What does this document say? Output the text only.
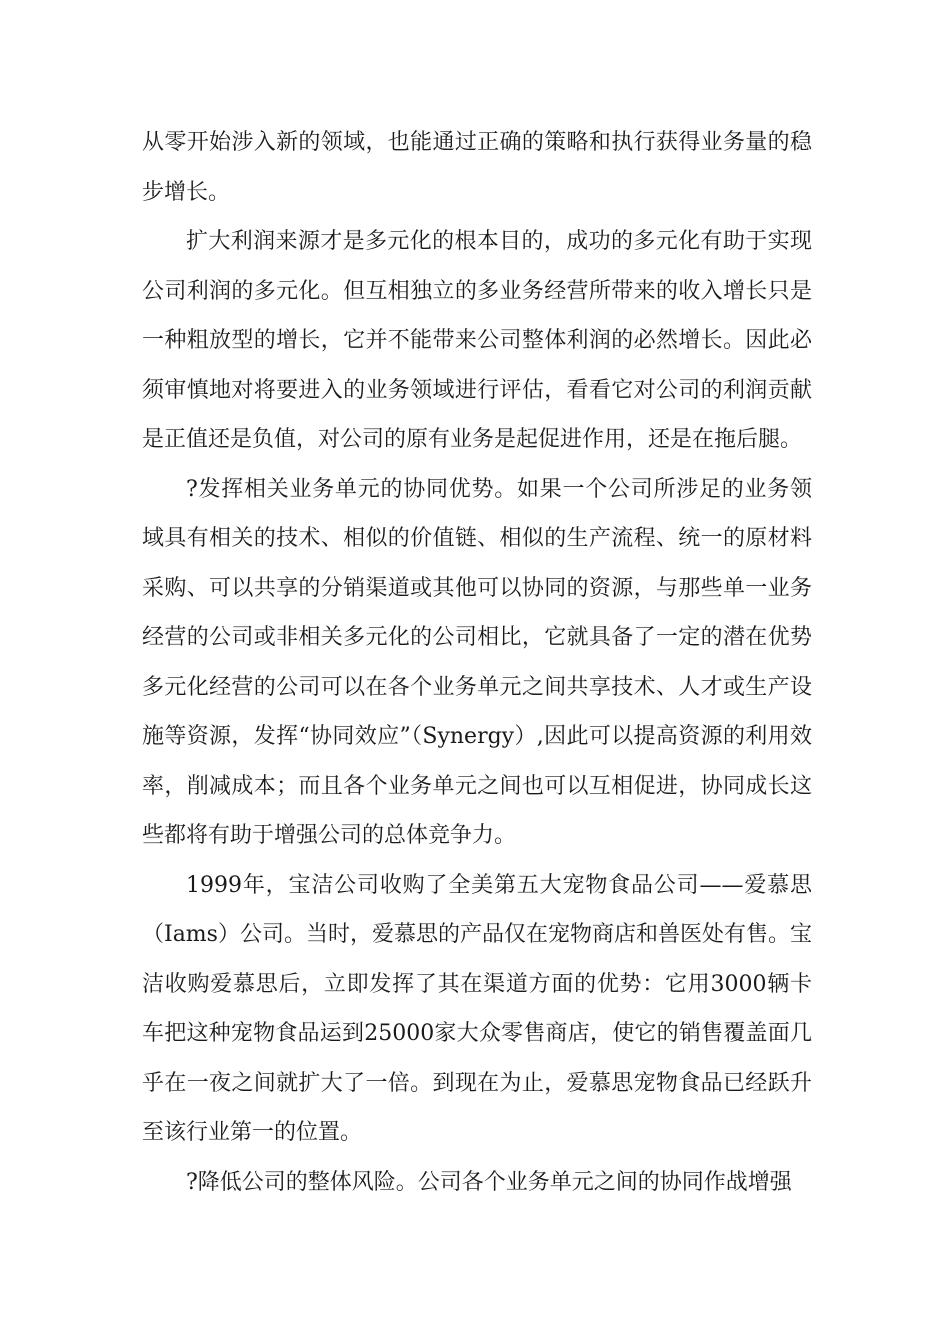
从零开始涉入新的领域，也能通过正确的策略和执行获得业务量的稳步增长。

扩大利润来源才是多元化的根本目的，成功的多元化有助于实现公司利润的多元化。但互相独立的多业务经营所带来的收入增长只是一种粗放型的增长，它并不能带来公司整体利润的必然增长。因此必须审慎地对将要进入的业务领域进行评估，看看它对公司的利润贡献是正值还是负值，对公司的原有业务是起促进作用，还是在拖后腿。

?发挥相关业务单元的协同优势。如果一个公司所涉足的业务领域具有相关的技术、相似的价值链、相似的生产流程、统一的原材料采购、可以共享的分销渠道或其他可以协同的资源，与那些单一业务经营的公司或非相关多元化的公司相比，它就具备了一定的潜在优势多元化经营的公司可以在各个业务单元之间共享技术、人才或生产设施等资源，发挥“协同效应”（Synergy）,因此可以提高资源的利用效率，削减成本；而且各个业务单元之间也可以互相促进，协同成长这些都将有助于增强公司的总体竞争力。

1999年，宝洁公司收购了全美第五大宠物食品公司——爱慕思（Iams）公司。当时，爱慕思的产品仅在宠物商店和兽医处有售。宝洁收购爱慕思后，立即发挥了其在渠道方面的优势：它用3000辆卡车把这种宠物食品运到25000家大众零售商店，使它的销售覆盖面几乎在一夜之间就扩大了一倍。到现在为止，爱慕思宠物食品已经跃升至该行业第一的位置。

?降低公司的整体风险。公司各个业务单元之间的协同作战增强
